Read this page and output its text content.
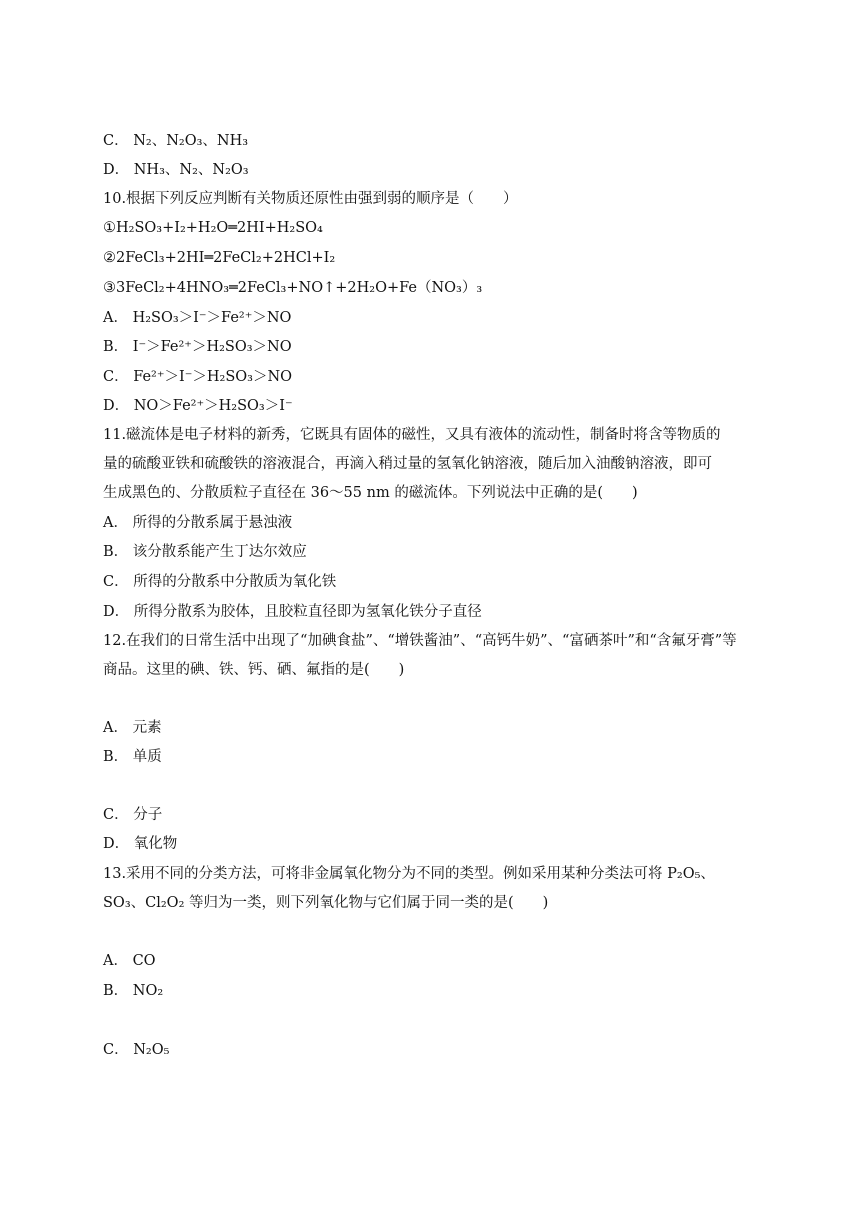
C． N₂、N₂O₃、NH₃
D． NH₃、N₂、N₂O₃
10.根据下列反应判断有关物质还原性由强到弱的顺序是（　　）
①H₂SO₃+I₂+H₂O═2HI+H₂SO₄
②2FeCl₃+2HI═2FeCl₂+2HCl+I₂
③3FeCl₂+4HNO₃═2FeCl₃+NO↑+2H₂O+Fe（NO₃）₃
A． H₂SO₃＞I⁻＞Fe²⁺＞NO
B． I⁻＞Fe²⁺＞H₂SO₃＞NO
C． Fe²⁺＞I⁻＞H₂SO₃＞NO
D． NO＞Fe²⁺＞H₂SO₃＞I⁻
11.磁流体是电子材料的新秀，它既具有固体的磁性，又具有液体的流动性，制备时将含等物质的
量的硫酸亚铁和硫酸铁的溶液混合，再滴入稍过量的氢氧化钠溶液，随后加入油酸钠溶液，即可
生成黑色的、分散质粒子直径在 36～55 nm 的磁流体。下列说法中正确的是(　　)
A． 所得的分散系属于悬浊液
B． 该分散系能产生丁达尔效应
C． 所得的分散系中分散质为氧化铁
D． 所得分散系为胶体，且胶粒直径即为氢氧化铁分子直径
12.在我们的日常生活中出现了“加碘食盐”、“增铁酱油”、“高钙牛奶”、“富硒茶叶”和“含氟牙膏”等
商品。这里的碘、铁、钙、硒、氟指的是(　　)
A． 元素
B． 单质
C． 分子
D． 氧化物
13.采用不同的分类方法，可将非金属氧化物分为不同的类型。例如采用某种分类法可将 P₂O₅、
SO₃、Cl₂O₂ 等归为一类，则下列氧化物与它们属于同一类的是(　　)
A． CO
B． NO₂
C． N₂O₅
